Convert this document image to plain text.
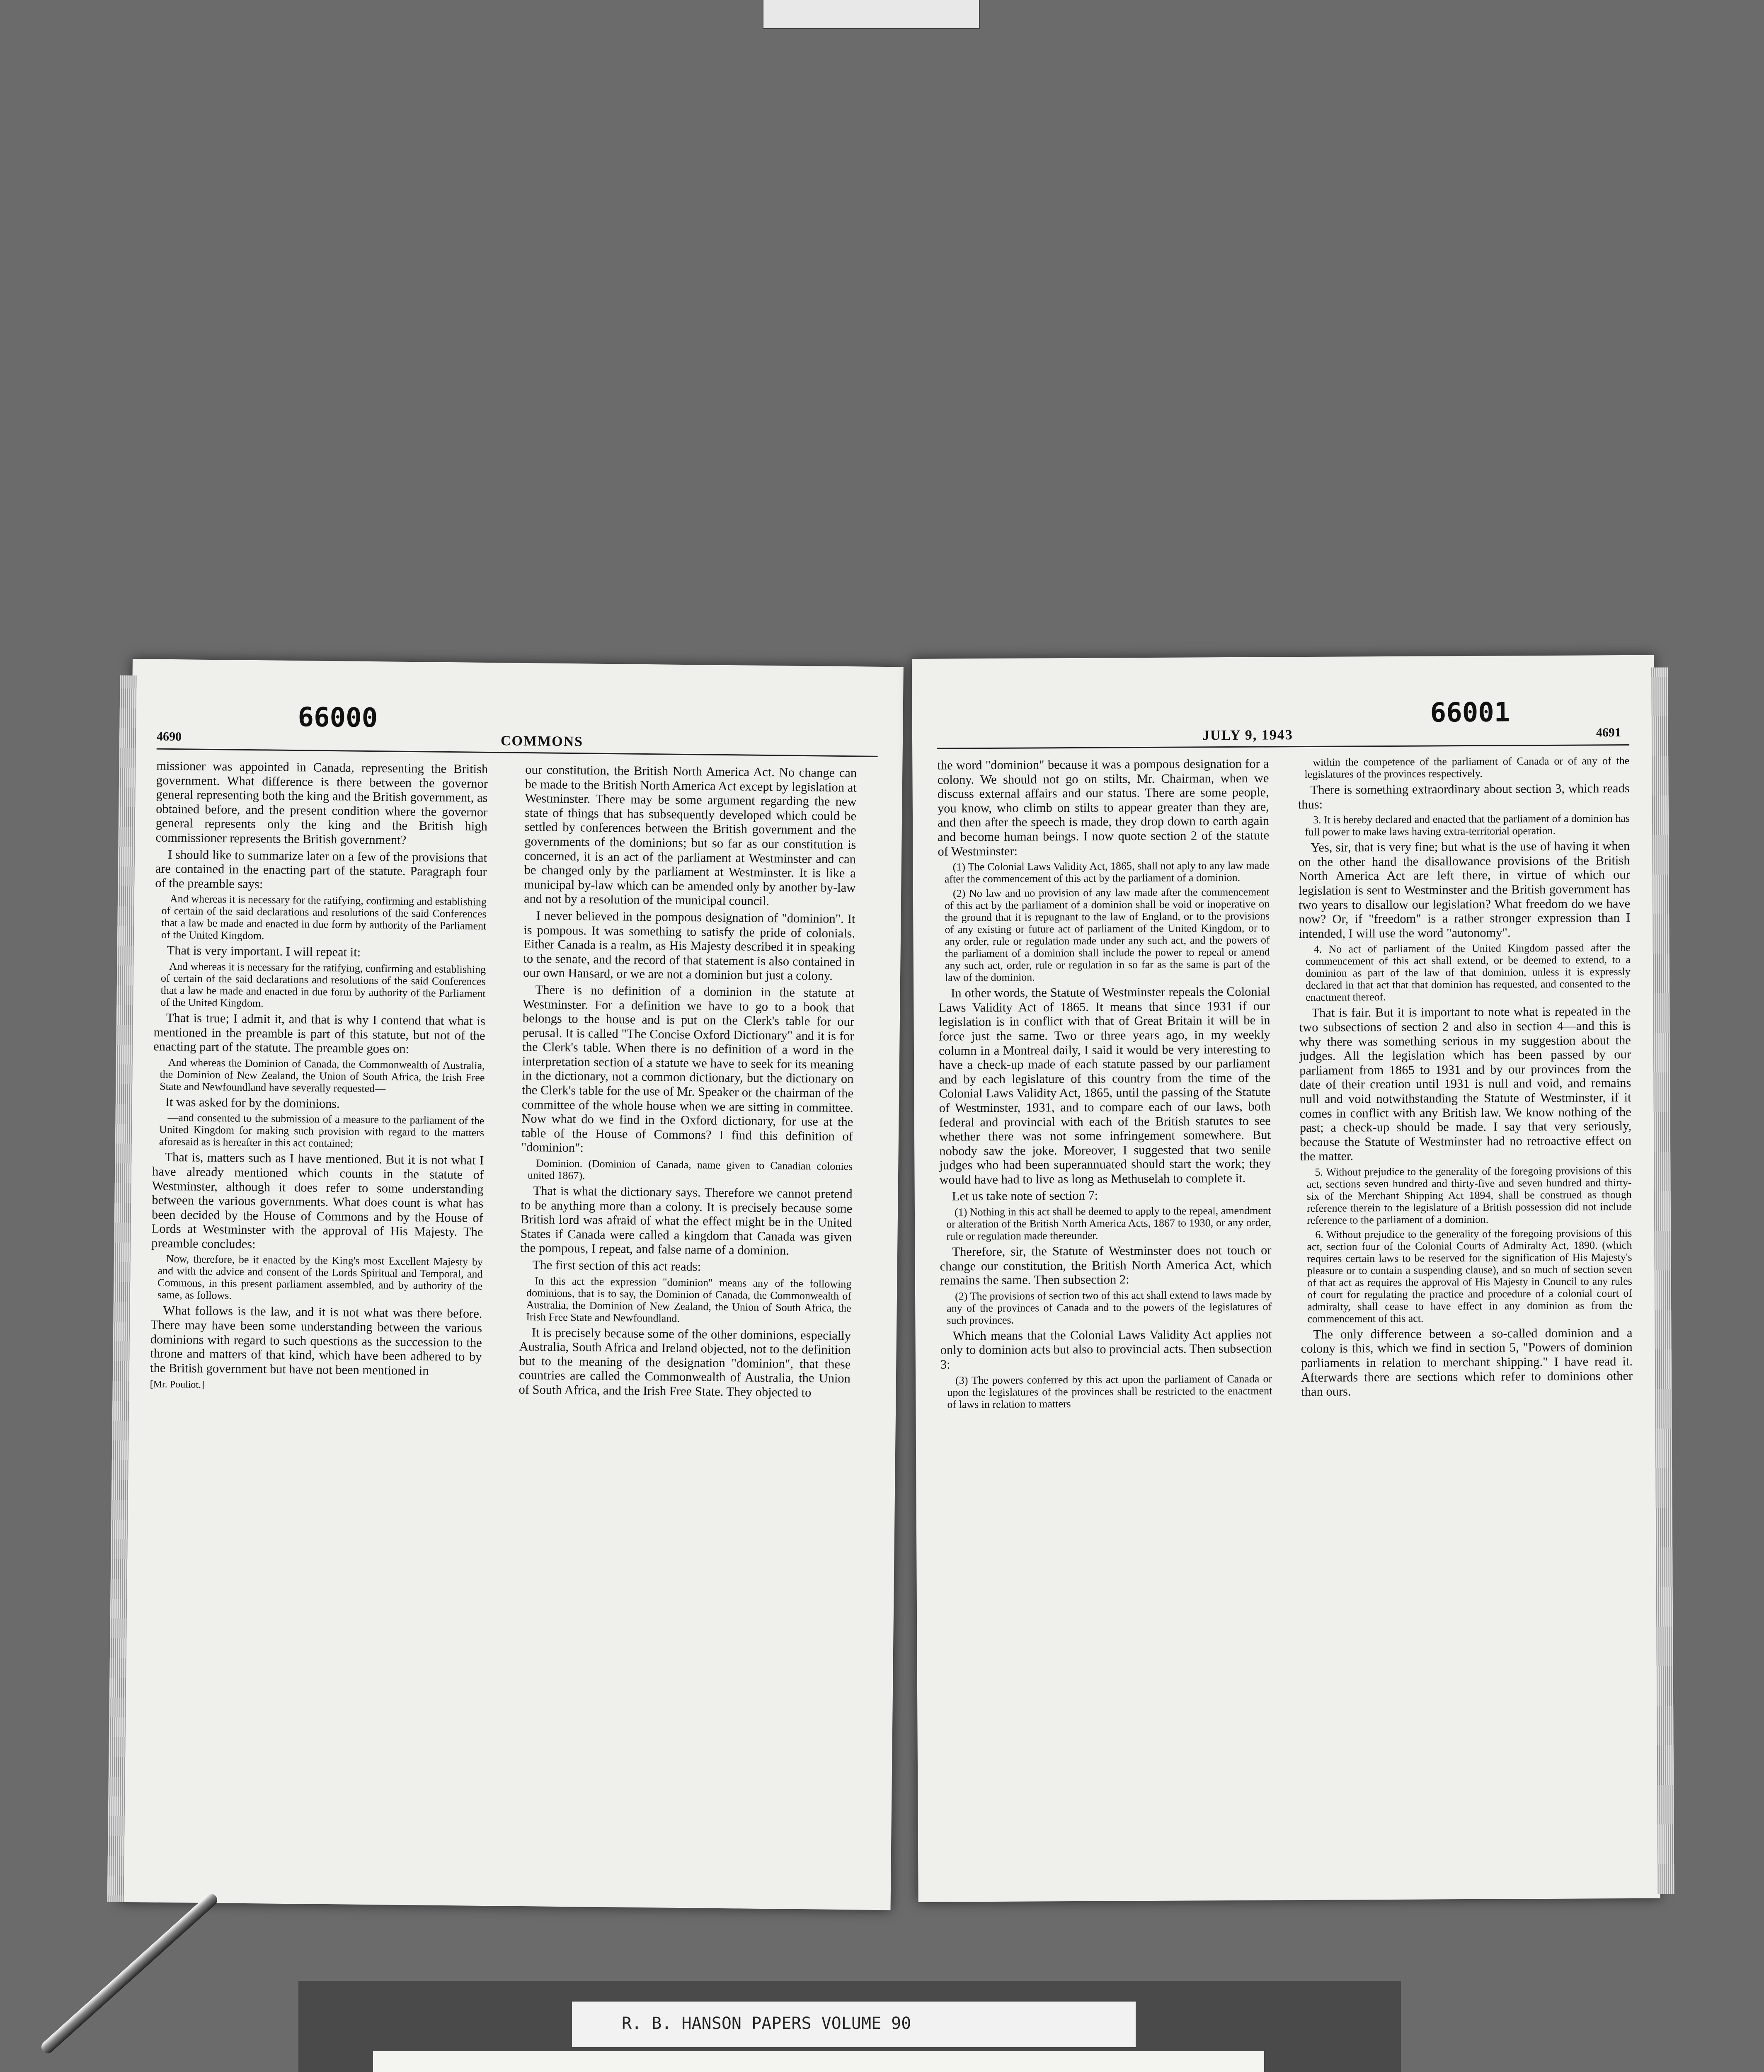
4690
66000
COMMONS

missioner was appointed in Canada, representing the British government. What difference is there between the governor general representing both the king and the British government, as obtained before, and the present condition where the governor general represents only the king and the British high commissioner represents the British government?

I should like to summarize later on a few of the provisions that are contained in the enacting part of the statute. Paragraph four of the preamble says:

And whereas it is necessary for the ratifying, confirming and establishing of certain of the said declarations and resolutions of the said Conferences that a law be made and enacted in due form by authority of the Parliament of the United Kingdom.

That is very important. I will repeat it:

And whereas it is necessary for the ratifying, confirming and establishing of certain of the said declarations and resolutions of the said Conferences that a law be made and enacted in due form by authority of the Parliament of the United Kingdom.

That is true; I admit it, and that is why I contend that what is mentioned in the preamble is part of this statute, but not of the enacting part of the statute. The preamble goes on:

And whereas the Dominion of Canada, the Commonwealth of Australia, the Dominion of New Zealand, the Union of South Africa, the Irish Free State and Newfoundland have severally requested—

It was asked for by the dominions.

—and consented to the submission of a measure to the parliament of the United Kingdom for making such provision with regard to the matters aforesaid as is hereafter in this act contained;

That is, matters such as I have mentioned. But it is not what I have already mentioned which counts in the statute of Westminster, although it does refer to some understanding between the various governments. What does count is what has been decided by the House of Commons and by the House of Lords at Westminster with the approval of His Majesty. The preamble concludes:

Now, therefore, be it enacted by the King's most Excellent Majesty by and with the advice and consent of the Lords Spiritual and Temporal, and Commons, in this present parliament assembled, and by authority of the same, as follows.

What follows is the law, and it is not what was there before. There may have been some understanding between the various dominions with regard to such questions as the succession to the throne and matters of that kind, which have been adhered to by the British government but have not been mentioned in

[Mr. Pouliot.]

our constitution, the British North America Act. No change can be made to the British North America Act except by legislation at Westminster. There may be some argument regarding the new state of things that has subsequently developed which could be settled by conferences between the British government and the governments of the dominions; but so far as our constitution is concerned, it is an act of the parliament at Westminster and can be changed only by the parliament at Westminster. It is like a municipal by-law which can be amended only by another by-law and not by a resolution of the municipal council.

I never believed in the pompous designation of "dominion". It is pompous. It was something to satisfy the pride of colonials. Either Canada is a realm, as His Majesty described it in speaking to the senate, and the record of that statement is also contained in our own Hansard, or we are not a dominion but just a colony.

There is no definition of a dominion in the statute at Westminster. For a definition we have to go to a book that belongs to the house and is put on the Clerk's table for our perusal. It is called "The Concise Oxford Dictionary" and it is for the Clerk's table. When there is no definition of a word in the interpretation section of a statute we have to seek for its meaning in the dictionary, not a common dictionary, but the dictionary on the Clerk's table for the use of Mr. Speaker or the chairman of the committee of the whole house when we are sitting in committee. Now what do we find in the Oxford dictionary, for use at the table of the House of Commons? I find this definition of "dominion":

Dominion. (Dominion of Canada, name given to Canadian colonies united 1867).

That is what the dictionary says. Therefore we cannot pretend to be anything more than a colony. It is precisely because some British lord was afraid of what the effect might be in the United States if Canada were called a kingdom that Canada was given the pompous, I repeat, and false name of a dominion.

The first section of this act reads:

In this act the expression "dominion" means any of the following dominions, that is to say, the Dominion of Canada, the Commonwealth of Australia, the Dominion of New Zealand, the Union of South Africa, the Irish Free State and Newfoundland.

It is precisely because some of the other dominions, especially Australia, South Africa and Ireland objected, not to the definition but to the meaning of the designation "dominion", that these countries are called the Commonwealth of Australia, the Union of South Africa, and the Irish Free State. They objected to

JULY 9, 1943
66001
4691

the word "dominion" because it was a pompous designation for a colony. We should not go on stilts, Mr. Chairman, when we discuss external affairs and our status. There are some people, you know, who climb on stilts to appear greater than they are, and then after the speech is made, they drop down to earth again and become human beings. I now quote section 2 of the statute of Westminster:

(1) The Colonial Laws Validity Act, 1865, shall not aply to any law made after the commencement of this act by the parliament of a dominion.

(2) No law and no provision of any law made after the commencement of this act by the parliament of a dominion shall be void or inoperative on the ground that it is repugnant to the law of England, or to the provisions of any existing or future act of parliament of the United Kingdom, or to any order, rule or regulation made under any such act, and the powers of the parliament of a dominion shall include the power to repeal or amend any such act, order, rule or regulation in so far as the same is part of the law of the dominion.

In other words, the Statute of Westminster repeals the Colonial Laws Validity Act of 1865. It means that since 1931 if our legislation is in conflict with that of Great Britain it will be in force just the same. Two or three years ago, in my weekly column in a Montreal daily, I said it would be very interesting to have a check-up made of each statute passed by our parliament and by each legislature of this country from the time of the Colonial Laws Validity Act, 1865, until the passing of the Statute of Westminster, 1931, and to compare each of our laws, both federal and provincial with each of the British statutes to see whether there was not some infringement somewhere. But nobody saw the joke. Moreover, I suggested that two senile judges who had been superannuated should start the work; they would have had to live as long as Methuselah to complete it.

Let us take note of section 7:

(1) Nothing in this act shall be deemed to apply to the repeal, amendment or alteration of the British North America Acts, 1867 to 1930, or any order, rule or regulation made thereunder.

Therefore, sir, the Statute of Westminster does not touch or change our constitution, the British North America Act, which remains the same. Then subsection 2:

(2) The provisions of section two of this act shall extend to laws made by any of the provinces of Canada and to the powers of the legislatures of such provinces.

Which means that the Colonial Laws Validity Act applies not only to dominion acts but also to provincial acts. Then subsection 3:

(3) The powers conferred by this act upon the parliament of Canada or upon the legislatures of the provinces shall be restricted to the enactment of laws in relation to matters

within the competence of the parliament of Canada or of any of the legislatures of the provinces respectively.

There is something extraordinary about section 3, which reads thus:

3. It is hereby declared and enacted that the parliament of a dominion has full power to make laws having extra-territorial operation.

Yes, sir, that is very fine; but what is the use of having it when on the other hand the disallowance provisions of the British North America Act are left there, in virtue of which our legislation is sent to Westminster and the British government has two years to disallow our legislation? What freedom do we have now? Or, if "freedom" is a rather stronger expression than I intended, I will use the word "autonomy".

4. No act of parliament of the United Kingdom passed after the commencement of this act shall extend, or be deemed to extend, to a dominion as part of the law of that dominion, unless it is expressly declared in that act that that dominion has requested, and consented to the enactment thereof.

That is fair. But it is important to note what is repeated in the two subsections of section 2 and also in section 4—and this is why there was something serious in my suggestion about the judges. All the legislation which has been passed by our parliament from 1865 to 1931 and by our provinces from the date of their creation until 1931 is null and void, and remains null and void notwithstanding the Statute of Westminster, if it comes in conflict with any British law. We know nothing of the past; a check-up should be made. I say that very seriously, because the Statute of Westminster had no retroactive effect on the matter.

5. Without prejudice to the generality of the foregoing provisions of this act, sections seven hundred and thirty-five and seven hundred and thirty-six of the Merchant Shipping Act 1894, shall be construed as though reference therein to the legislature of a British possession did not include reference to the parliament of a dominion.

6. Without prejudice to the generality of the foregoing provisions of this act, section four of the Colonial Courts of Admiralty Act, 1890. (which requires certain laws to be reserved for the signification of His Majesty's pleasure or to contain a suspending clause), and so much of section seven of that act as requires the approval of His Majesty in Council to any rules of court for regulating the practice and procedure of a colonial court of admiralty, shall cease to have effect in any dominion as from the commencement of this act.

The only difference between a so-called dominion and a colony is this, which we find in section 5, "Powers of dominion parliaments in relation to merchant shipping." I have read it. Afterwards there are sections which refer to dominions other than ours.

R. B. HANSON PAPERS VOLUME 90
